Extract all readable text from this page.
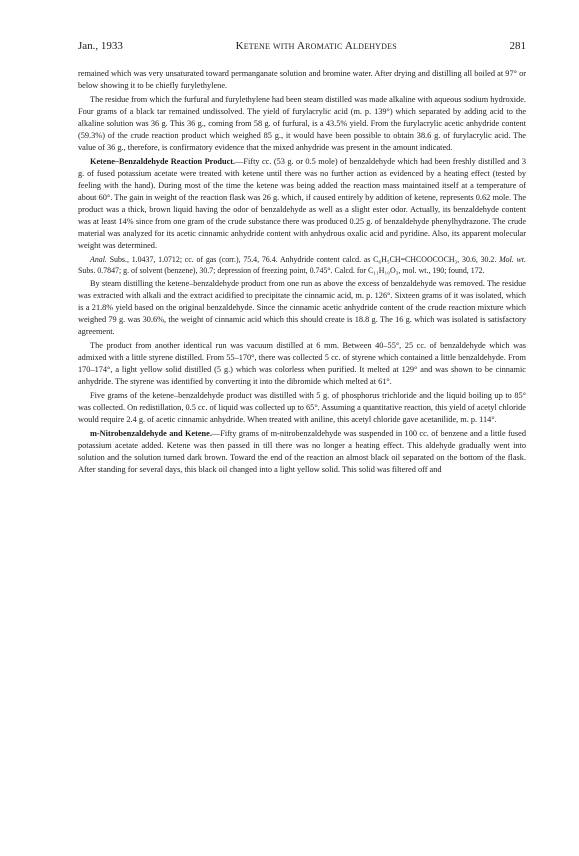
Jan., 1933	Ketene with Aromatic Aldehydes	281
remained which was very unsaturated toward permanganate solution and bromine water. After drying and distilling all boiled at 97° or below showing it to be chiefly furylethylene.
The residue from which the furfural and furylethylene had been steam distilled was made alkaline with aqueous sodium hydroxide. Four grams of a black tar remained undissolved. The yield of furylacrylic acid (m. p. 139°) which separated by adding acid to the alkaline solution was 36 g. This 36 g., coming from 58 g. of furfural, is a 43.5% yield. From the furylacrylic acetic anhydride content (59.3%) of the crude reaction product which weighed 85 g., it would have been possible to obtain 38.6 g. of furylacrylic acid. The value of 36 g., therefore, is confirmatory evidence that the mixed anhydride was present in the amount indicated.
Ketene–Benzaldehyde Reaction Product.—Fifty cc. (53 g. or 0.5 mole) of benzaldehyde which had been freshly distilled and 3 g. of fused potassium acetate were treated with ketene until there was no further action as evidenced by a heating effect (tested by feeling with the hand). During most of the time the ketene was being added the reaction mass maintained itself at a temperature of about 60°. The gain in weight of the reaction flask was 26 g. which, if caused entirely by addition of ketene, represents 0.62 mole. The product was a thick, brown liquid having the odor of benzaldehyde as well as a slight ester odor. Actually, its benzaldehyde content was at least 14% since from one gram of the crude substance there was produced 0.25 g. of benzaldehyde phenylhydrazone. The crude material was analyzed for its acetic cinnamic anhydride content with anhydrous oxalic acid and pyridine. Also, its apparent molecular weight was determined.
Anal. Subs., 1.0437, 1.0712; cc. of gas (corr.), 75.4, 76.4. Anhydride content calcd. as C₆H₅CH=CHCOOCOCH₃, 30.6, 30.2. Mol. wt. Subs. 0.7847; g. of solvent (benzene), 30.7; depression of freezing point, 0.745°. Calcd. for C₁₁H₁₀O₃, mol. wt., 190; found, 172.
By steam distilling the ketene–benzaldehyde product from one run as above the excess of benzaldehyde was removed. The residue was extracted with alkali and the extract acidified to precipitate the cinnamic acid, m. p. 126°. Sixteen grams of it was isolated, which is a 21.8% yield based on the original benzaldehyde. Since the cinnamic acetic anhydride content of the crude reaction mixture which weighed 79 g. was 30.6%, the weight of cinnamic acid which this should create is 18.8 g. The 16 g. which was isolated is satisfactory agreement.
The product from another identical run was vacuum distilled at 6 mm. Between 40–55°, 25 cc. of benzaldehyde which was admixed with a little styrene distilled. From 55–170°, there was collected 5 cc. of styrene which contained a little benzaldehyde. From 170–174°, a light yellow solid distilled (5 g.) which was colorless when purified. It melted at 129° and was shown to be cinnamic anhydride. The styrene was identified by converting it into the dibromide which melted at 61°.
Five grams of the ketene–benzaldehyde product was distilled with 5 g. of phosphorus trichloride and the liquid boiling up to 85° was collected. On redistillation, 0.5 cc. of liquid was collected up to 65°. Assuming a quantitative reaction, this yield of acetyl chloride would require 2.4 g. of acetic cinnamic anhydride. When treated with aniline, this acetyl chloride gave acetanilide, m. p. 114°.
m-Nitrobenzaldehyde and Ketene.—Fifty grams of m-nitrobenzaldehyde was suspended in 100 cc. of benzene and a little fused potassium acetate added. Ketene was then passed in till there was no longer a heating effect. This aldehyde gradually went into solution and the solution turned dark brown. Toward the end of the reaction an almost black oil separated on the bottom of the flask. After standing for several days, this black oil changed into a light yellow solid. This solid was filtered off and
